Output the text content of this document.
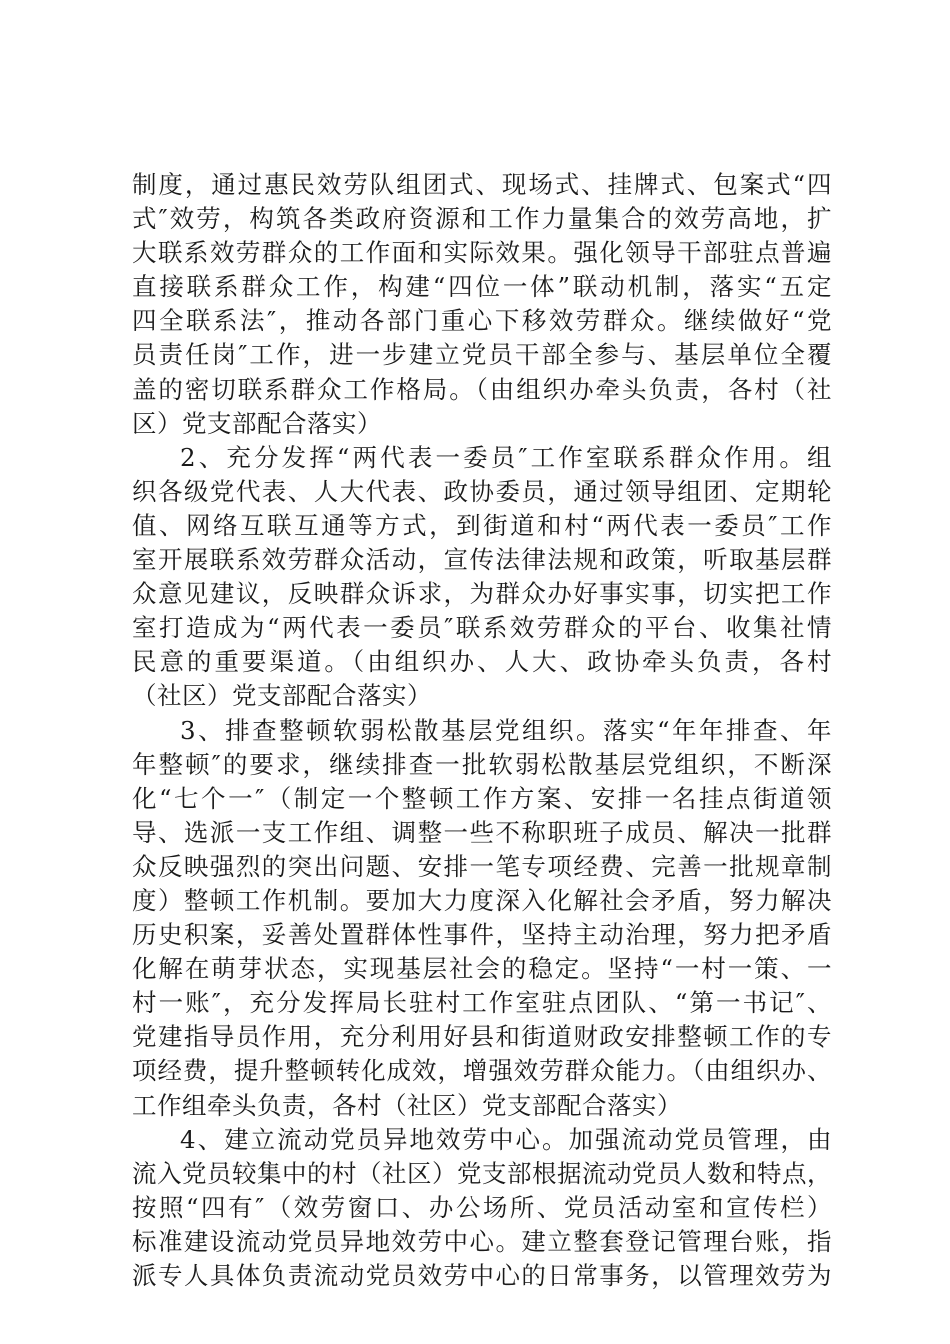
制度，通过惠民效劳队组团式、现场式、挂牌式、包案式“四
式″效劳，构筑各类政府资源和工作力量集合的效劳高地，扩
大联系效劳群众的工作面和实际效果。强化领导干部驻点普遍
直接联系群众工作，构建“四位一体”联动机制，落实“五定
四全联系法″，推动各部门重心下移效劳群众。继续做好“党
员责任岗″工作，进一步建立党员干部全参与、基层单位全覆
盖的密切联系群众工作格局。（由组织办牵头负责，各村（社
区）党支部配合落实）
2、充分发挥“两代表一委员″工作室联系群众作用。组
织各级党代表、人大代表、政协委员，通过领导组团、定期轮
值、网络互联互通等方式，到街道和村“两代表一委员″工作
室开展联系效劳群众活动，宣传法律法规和政策，听取基层群
众意见建议，反映群众诉求，为群众办好事实事，切实把工作
室打造成为“两代表一委员″联系效劳群众的平台、收集社情
民意的重要渠道。（由组织办、人大、政协牵头负责，各村
（社区）党支部配合落实）
3、排查整顿软弱松散基层党组织。落实“年年排查、年
年整顿″的要求，继续排查一批软弱松散基层党组织，不断深
化“七个一″（制定一个整顿工作方案、安排一名挂点街道领
导、选派一支工作组、调整一些不称职班子成员、解决一批群
众反映强烈的突出问题、安排一笔专项经费、完善一批规章制
度）整顿工作机制。要加大力度深入化解社会矛盾，努力解决
历史积案，妥善处置群体性事件，坚持主动治理，努力把矛盾
化解在萌芽状态，实现基层社会的稳定。坚持“一村一策、一
村一账″，充分发挥局长驻村工作室驻点团队、“第一书记″、
党建指导员作用，充分利用好县和街道财政安排整顿工作的专
项经费，提升整顿转化成效，增强效劳群众能力。（由组织办、
工作组牵头负责，各村（社区）党支部配合落实）
4、建立流动党员异地效劳中心。加强流动党员管理，由
流入党员较集中的村（社区）党支部根据流动党员人数和特点，
按照“四有″（效劳窗口、办公场所、党员活动室和宣传栏）
标准建设流动党员异地效劳中心。建立整套登记管理台账，指
派专人具体负责流动党员效劳中心的日常事务，以管理效劳为
